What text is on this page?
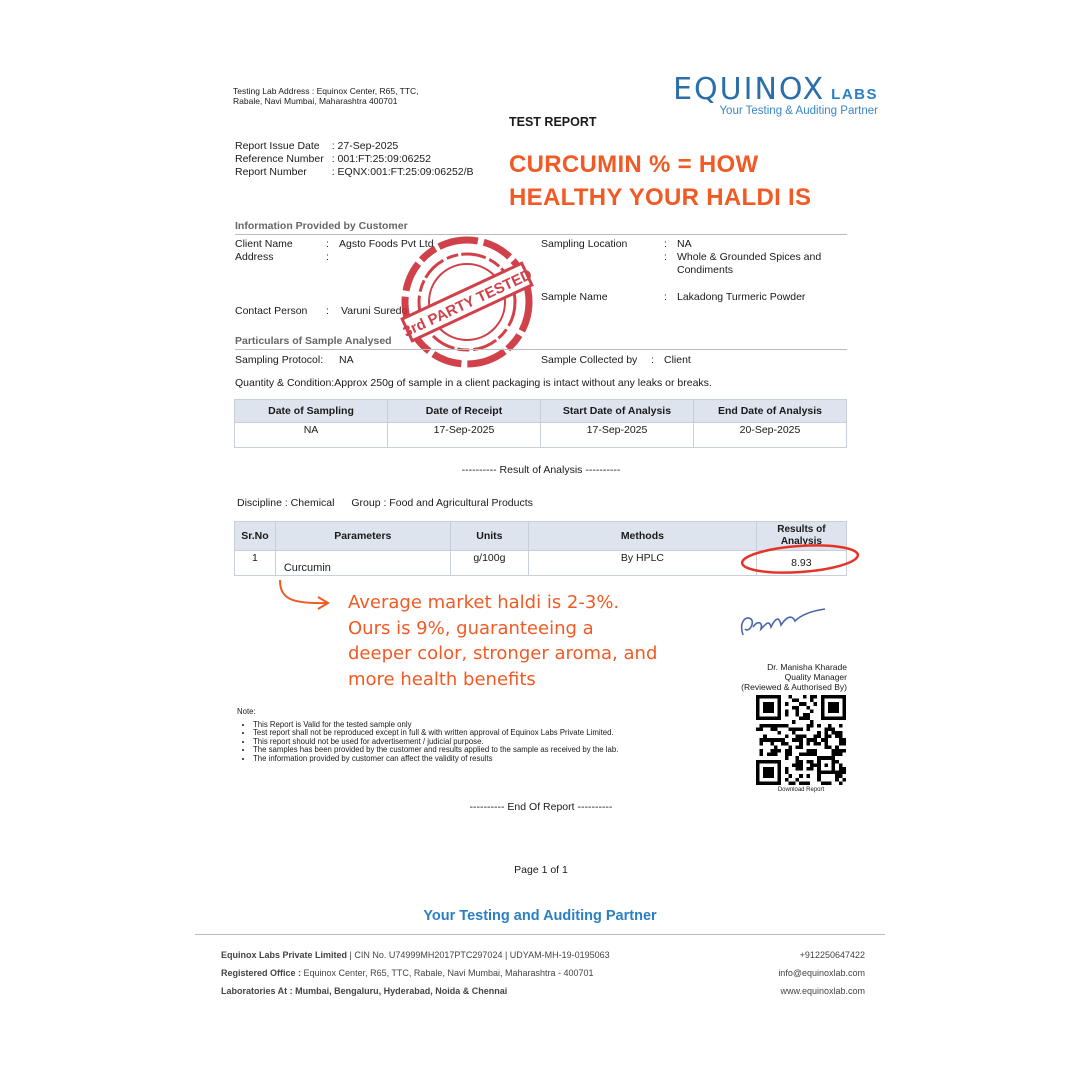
Testing Lab Address : Equinox Center, R65, TTC, Rabale, Navi Mumbai, Maharashtra 400701	EQUINOX LABS
Your Testing & Auditing Partner
TEST REPORT
Report Issue Date	: 27-Sep-2025
Reference Number	: 001:FT:25:09:06252
Report Number	: EQNX:001:FT:25:09:06252/B CURCUMIN % = HOW
HEALTHY YOUR HALDI IS
Information Provided by Customer
Client Name	: Agsto Foods Pvt Ltd
Address	:
Contact Person : Varuni Suredo
Sampling Location	: NA
: Whole & Grounded Spices and Condiments
Sample Name	: Lakadong Turmeric Powder
3rd PARTY TESTED
Particulars of Sample Analysed
Sampling Protocol: NA	Sample Collected by : Client
Quantity & Condition:Approx 250g of sample in a client packaging is intact without any leaks or breaks.
Date of Sampling	Date of Receipt	Start Date of Analysis	End Date of Analysis
NA	17-Sep-2025	17-Sep-2025	20-Sep-2025
---------- Result of Analysis ----------
Discipline : Chemical Group : Food and Agricultural Products
Sr.No	Parameters	Units	Methods	Results of Analysis
1	Curcumin	g/100g	By HPLC	8.93
Average market haldi is 2-3%.
Ours is 9%, guaranteeing a
deeper color, stronger aroma, and
more health benefits
Dr. Manisha Kharade
Quality Manager
(Reviewed & Authorised By)
Download Report
Note:
• This Report is Valid for the tested sample only
• Test report shall not be reproduced except in full & with written approval of Equinox Labs Private Limited.
• This report should not be used for advertisement / judicial purpose.
• The samples has been provided by the customer and results applied to the sample as received by the lab.
• The information provided by customer can affect the validity of results
---------- End Of Report ----------
Page 1 of 1
Your Testing and Auditing Partner
Equinox Labs Private Limited | CIN No. U74999MH2017PTC297024 | UDYAM-MH-19-0195063
Registered Office : Equinox Center, R65, TTC, Rabale, Navi Mumbai, Maharashtra - 400701
Laboratories At : Mumbai, Bengaluru, Hyderabad, Noida & Chennai
+912250647422
info@equinoxlab.com
www.equinoxlab.com
